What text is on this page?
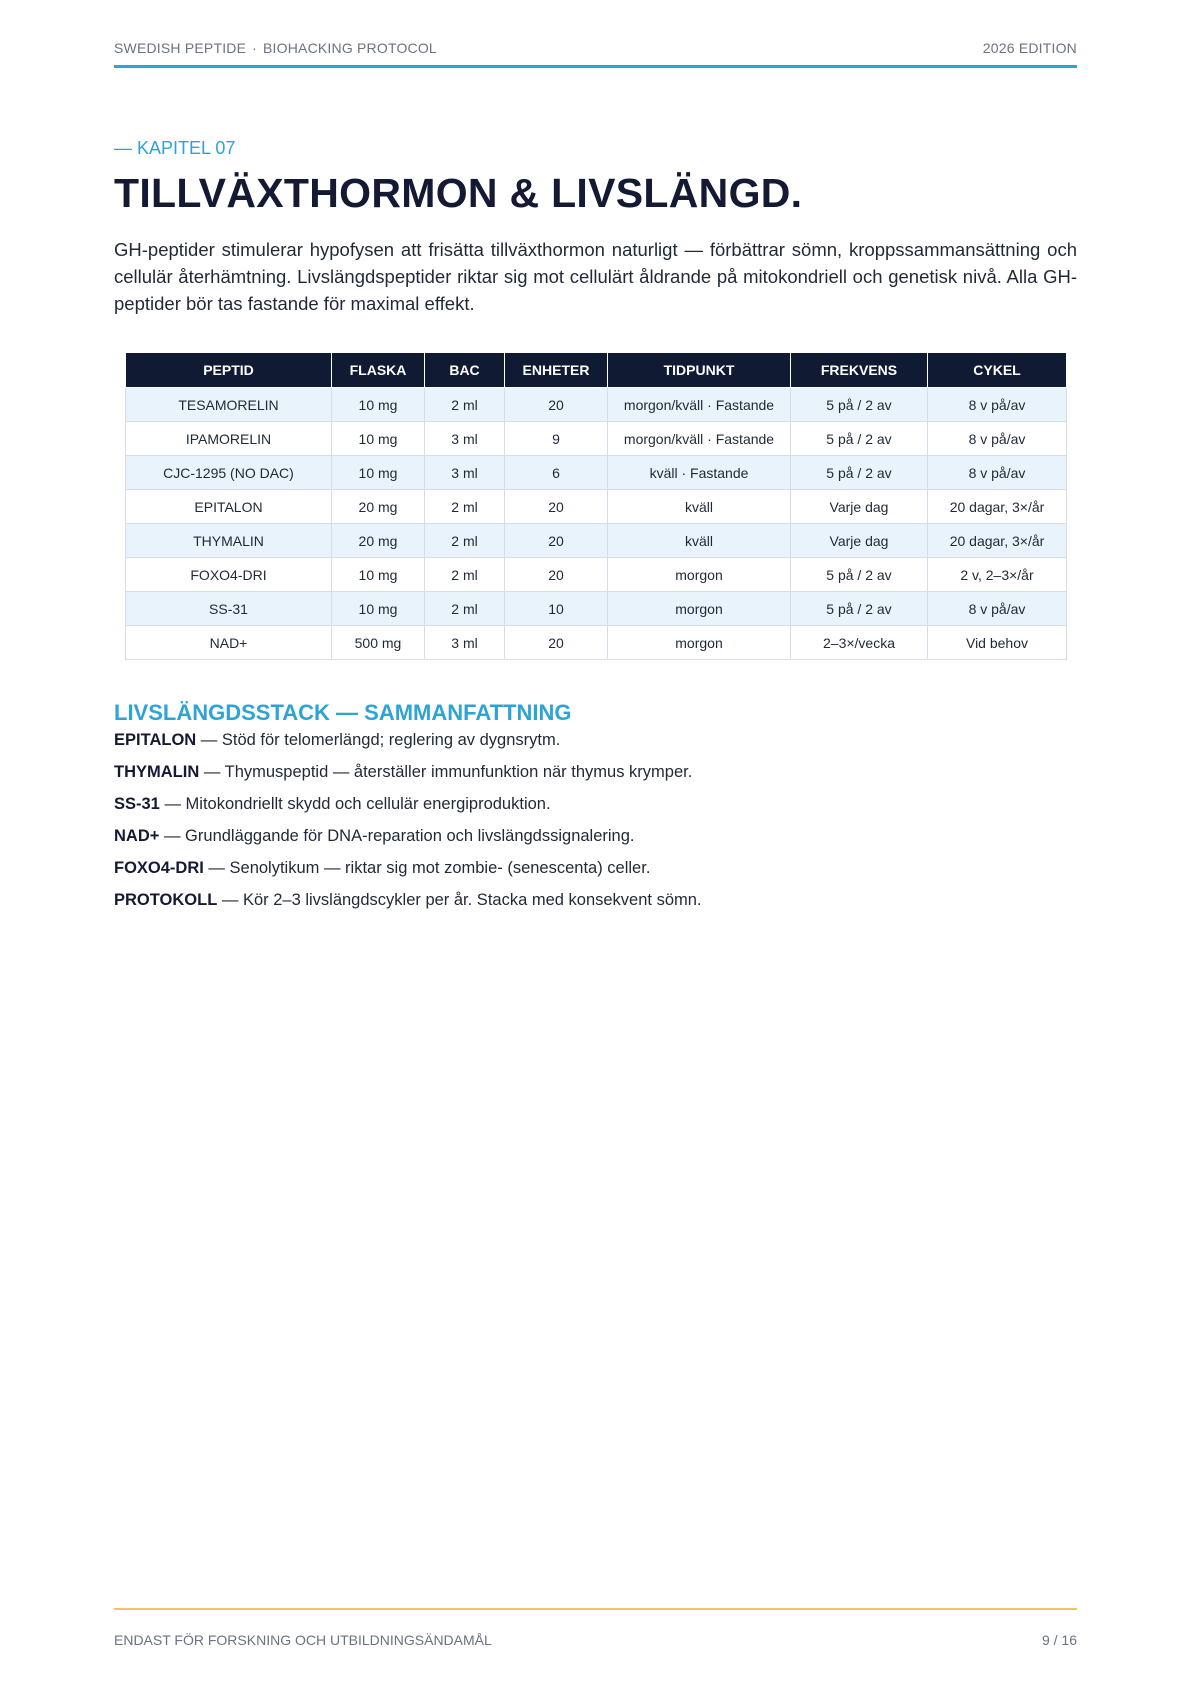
SWEDISH PEPTIDE · BIOHACKING PROTOCOL	2026 EDITION
— KAPITEL 07
TILLVÄXTHORMON & LIVSLÄNGD.

GH-peptider stimulerar hypofysen att frisätta tillväxthormon naturligt — förbättrar sömn, kroppssammansättning och cellulär återhämtning. Livslängdspeptider riktar sig mot cellulärt åldrande på mitokondriell och genetisk nivå. Alla GH-peptider bör tas fastande för maximal effekt.

PEPTID	FLASKA	BAC	ENHETER	TIDPUNKT	FREKVENS	CYKEL
TESAMORELIN	10 mg	2 ml	20	morgon/kväll · Fastande	5 på / 2 av	8 v på/av
IPAMORELIN	10 mg	3 ml	9	morgon/kväll · Fastande	5 på / 2 av	8 v på/av
CJC-1295 (NO DAC)	10 mg	3 ml	6	kväll · Fastande	5 på / 2 av	8 v på/av
EPITALON	20 mg	2 ml	20	kväll	Varje dag	20 dagar, 3×/år
THYMALIN	20 mg	2 ml	20	kväll	Varje dag	20 dagar, 3×/år
FOXO4-DRI	10 mg	2 ml	20	morgon	5 på / 2 av	2 v, 2–3×/år
SS-31	10 mg	2 ml	10	morgon	5 på / 2 av	8 v på/av
NAD+	500 mg	3 ml	20	morgon	2–3×/vecka	Vid behov
LIVSLÄNGDSSTACK — SAMMANFATTNING
EPITALON — Stöd för telomerlängd; reglering av dygnsrytm.
THYMALIN — Thymuspeptid — återställer immunfunktion när thymus krymper.
SS-31 — Mitokondriellt skydd och cellulär energiproduktion.
NAD+ — Grundläggande för DNA-reparation och livslängdssignalering.
FOXO4-DRI — Senolytikum — riktar sig mot zombie- (senescenta) celler.
PROTOKOLL — Kör 2–3 livslängdscykler per år. Stacka med konsekvent sömn.
ENDAST FÖR FORSKNING OCH UTBILDNINGSÄNDAMÅL	9 / 16
